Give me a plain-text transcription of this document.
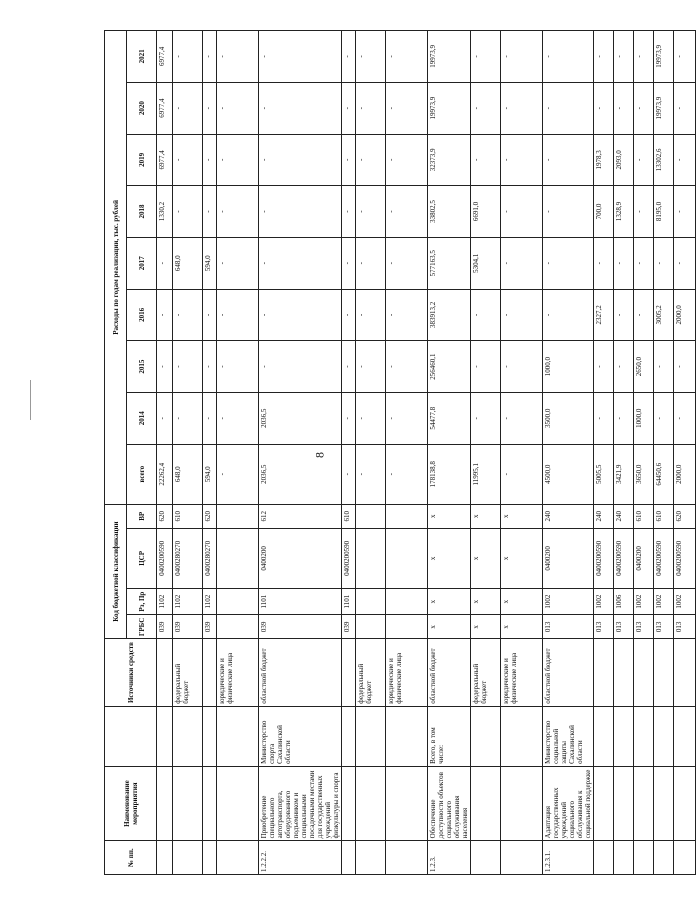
8
№ пп.	Наименование мероприятия		Источники средств	Код бюджетной классификации				Расходы по годам реализации, тыс. рублей								
				ГРБС	Рз, Пр	ЦСР	ВР	всего	2014	2015	2016	2017	2018	2019	2020	2021
				039	1102	0400200590	620	22262,4	-	-	-	-	1330,2	6977,4	6977,4	6977,4
			федеральный бюджет	039	1102	0400280270	610	648,0	-	-	-	648,0	-	-	-	-
				039	1102	0400280270	620	594,0	-	-	-	594,0	-	-	-	-
			юридические и физические лица					-	-	-	-	-	-	-	-	-
1.2.2.2.	Приобретение специального автотранспорта, оборудованного подъемником и специальными посадочными местами для государственных учреждений физкультуры и спорта	Министерство спорта Сахалинской области	областной бюджет	039	1101	0400200	612	2036,5	2036,5	-	-	-	-	-	-	-
				039	1101	0400200590	610	-	-	-	-	-	-	-	-	-
			федеральный бюджет					-	-	-	-	-	-	-	-	-
			юридические и физические лица					-	-	-	-	-	-	-	-	-
1.2.3.	Обеспечение доступности объектов социального обслуживания населения	Всего, в том числе:	областной бюджет	x	x	x	x	178138,8	54477,8	256460,1	383913,2	577163,5	33802,5	32373,9	19973,9	19973,9
			федеральный бюджет	x	x	x	x	11995,1	-	-	-	5304,1	6691,0	-	-	-
			юридические и физические лица	x	x	x	x	-	-	-	-	-	-	-	-	-
1.2.3.1.	Адаптация государственных учреждений социального обслуживания к социальной поддержке	Министерство социальной защиты Сахалинской области	областной бюджет	013	1002	0400200	240	4500,0	3500,0	1000,0	-	-	-	-	-	-
				013	1002	0400200590	240	5005,5	-	-	2327,2	-	700,0	1978,3	-	-
				013	1006	0400200590	240	3421,9	-	-	-	-	1328,9	2093,0	-	-
				013	1002	0400200	610	3650,0	1000,0	2650,0	-	-	-	-	-	-
				013	1002	0400200590	610	64450,6	-	-	3005,2	-	8195,0	13302,6	19973,9	19973,9
				013	1002	0400200590	620	2000,0	-	-	2000,0	-	-	-	-	-
